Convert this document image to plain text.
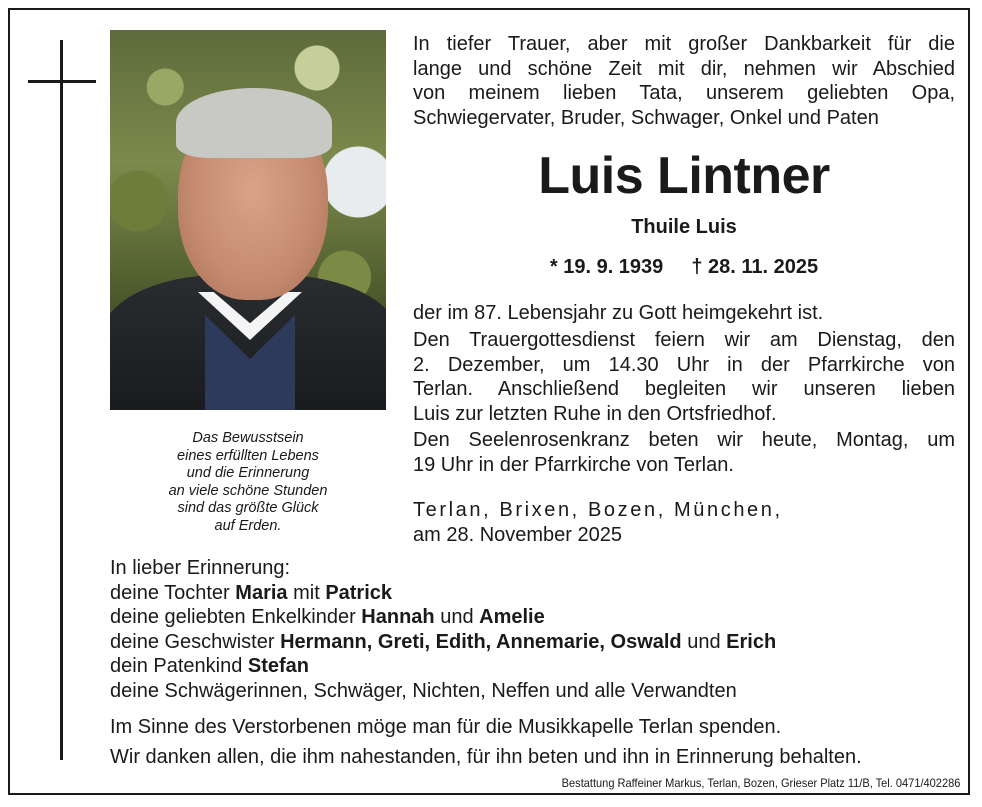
Das Bewusstsein
eines erfüllten Lebens
und die Erinnerung
an viele schöne Stunden
sind das größte Glück
auf Erden.
In tiefer Trauer, aber mit großer Dankbarkeit für die
lange und schöne Zeit mit dir, nehmen wir Abschied
von meinem lieben Tata, unserem geliebten Opa,
Schwiegervater, Bruder, Schwager, Onkel und Paten
Luis Lintner
Thuile Luis
* 19. 9. 1939 † 28. 11. 2025
der im 87. Lebensjahr zu Gott heimgekehrt ist.
Den Trauergottesdienst feiern wir am Dienstag, den
2. Dezember, um 14.30 Uhr in der Pfarrkirche von
Terlan. Anschließend begleiten wir unseren lieben
Luis zur letzten Ruhe in den Ortsfriedhof.
Den Seelenrosenkranz beten wir heute, Montag, um
19 Uhr in der Pfarrkirche von Terlan.
Terlan, Brixen, Bozen, München,
am 28. November 2025
In lieber Erinnerung:
deine Tochter Maria mit Patrick
deine geliebten Enkelkinder Hannah und Amelie
deine Geschwister Hermann, Greti, Edith, Annemarie, Oswald und Erich
dein Patenkind Stefan
deine Schwägerinnen, Schwäger, Nichten, Neffen und alle Verwandten
Im Sinne des Verstorbenen möge man für die Musikkapelle Terlan spenden.
Wir danken allen, die ihm nahestanden, für ihn beten und ihn in Erinnerung behalten.
Bestattung Raffeiner Markus, Terlan, Bozen, Grieser Platz 11/B, Tel. 0471/402286
